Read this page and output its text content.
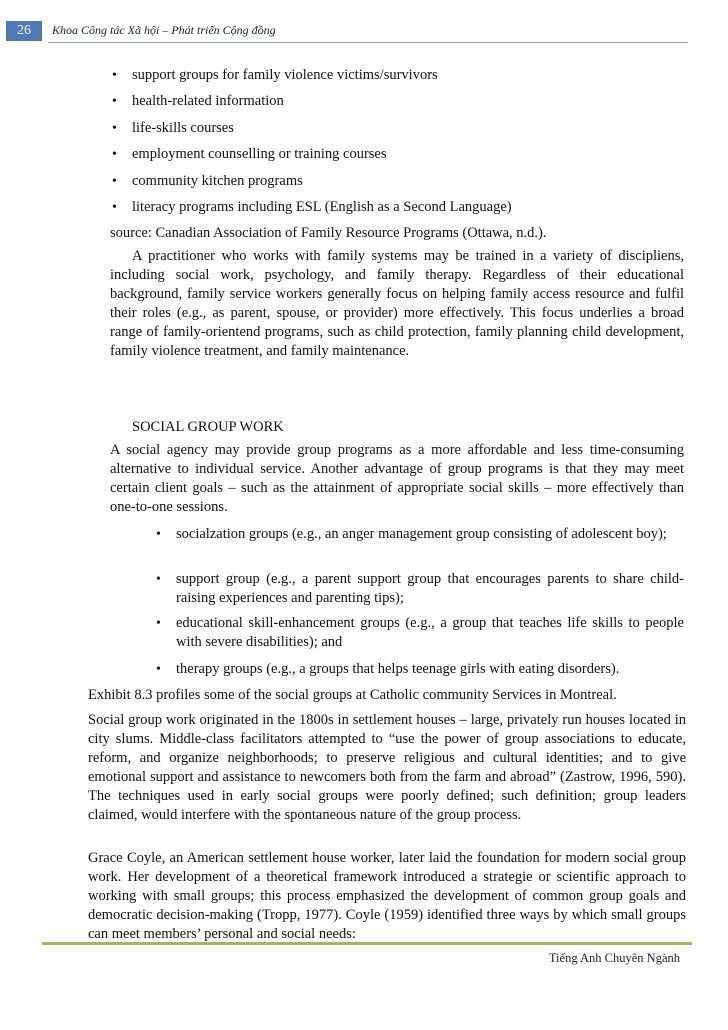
26	Khoa Công tác Xã hội – Phát triển Cộng đồng
• support groups for family violence victims/survivors
• health-related information
• life-skills courses
• employment counselling or training courses
• community kitchen programs
• literacy programs including ESL (English as a Second Language)

source: Canadian Association of Family Resource Programs (Ottawa, n.d.).

A practitioner who works with family systems may be trained in a variety of discipliens, including social work, psychology, and family therapy. Regardless of their educational background, family service workers generally focus on helping family access resource and fulfil their roles (e.g., as parent, spouse, or provider) more effectively. This focus underlies a broad range of family-orientend programs, such as child protection, family planning child development, family violence treatment, and family maintenance.

SOCIAL GROUP WORK

A social agency may provide group programs as a more affordable and less time-consuming alternative to individual service. Another advantage of group programs is that they may meet certain client goals – such as the attainment of appropriate social skills – more effectively than one-to-one sessions.

• socialzation groups (e.g., an anger management group consisting of adolescent boy);

• support group (e.g., a parent support group that encourages parents to share child-raising experiences and parenting tips);

• educational skill-enhancement groups (e.g., a group that teaches life skills to people with severe disabilities); and

• therapy groups (e.g., a groups that helps teenage girls with eating disorders).

Exhibit 8.3 profiles some of the social groups at Catholic community Services in Montreal.

Social group work originated in the 1800s in settlement houses – large, privately run houses located in city slums. Middle-class facilitators attempted to “use the power of group associations to educate, reform, and organize neighborhoods; to preserve religious and cultural identities; and to give emotional support and assistance to newcomers both from the farm and abroad” (Zastrow, 1996, 590). The techniques used in early social groups were poorly defined; such definition; group leaders claimed, would interfere with the spontaneous nature of the group process.

Grace Coyle, an American settlement house worker, later laid the foundation for modern social group work. Her development of a theoretical framework introduced a strategie or scientific approach to working with small groups; this process emphasized the development of common group goals and democratic decision-making (Tropp, 1977). Coyle (1959) identified three ways by which small groups can meet members’ personal and social needs:

Tiếng Anh Chuyên Ngành
